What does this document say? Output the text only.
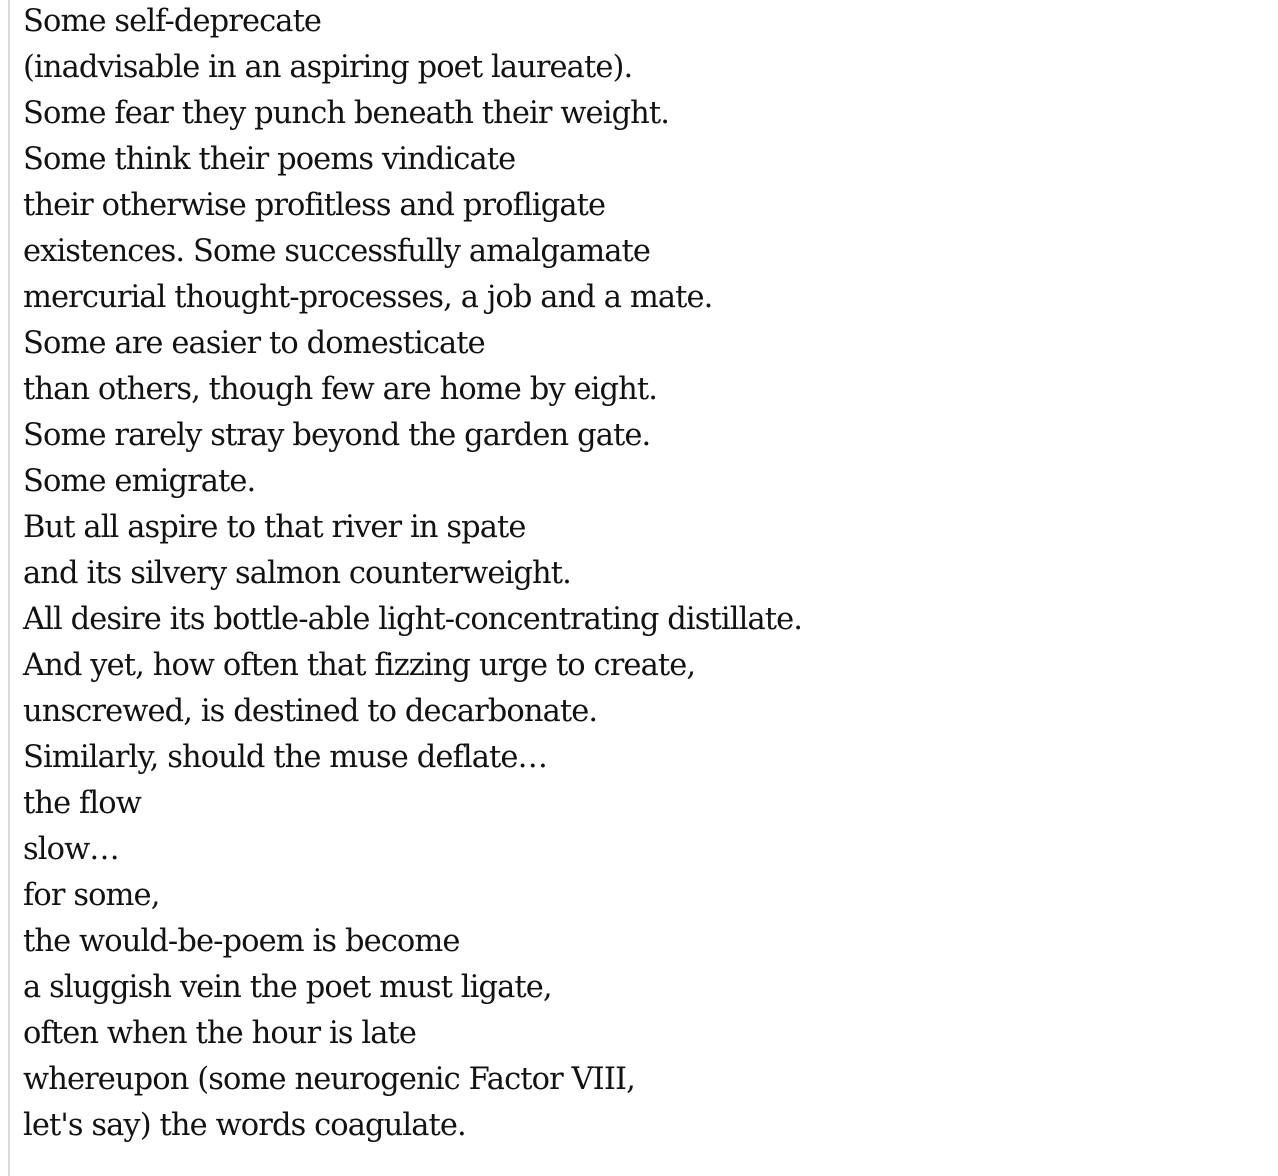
Some self-deprecate
(inadvisable in an aspiring poet laureate).
Some fear they punch beneath their weight.
Some think their poems vindicate
their otherwise profitless and profligate
existences. Some successfully amalgamate
mercurial thought-processes, a job and a mate.
Some are easier to domesticate
than others, though few are home by eight.
Some rarely stray beyond the garden gate.
Some emigrate.
But all aspire to that river in spate
and its silvery salmon counterweight.
All desire its bottle-able light-concentrating distillate.
And yet, how often that fizzing urge to create,
unscrewed, is destined to decarbonate.
Similarly, should the muse deflate…
the flow
slow…
for some,
the would-be-poem is become
a sluggish vein the poet must ligate,
often when the hour is late
whereupon (some neurogenic Factor VIII,
let's say) the words coagulate.
